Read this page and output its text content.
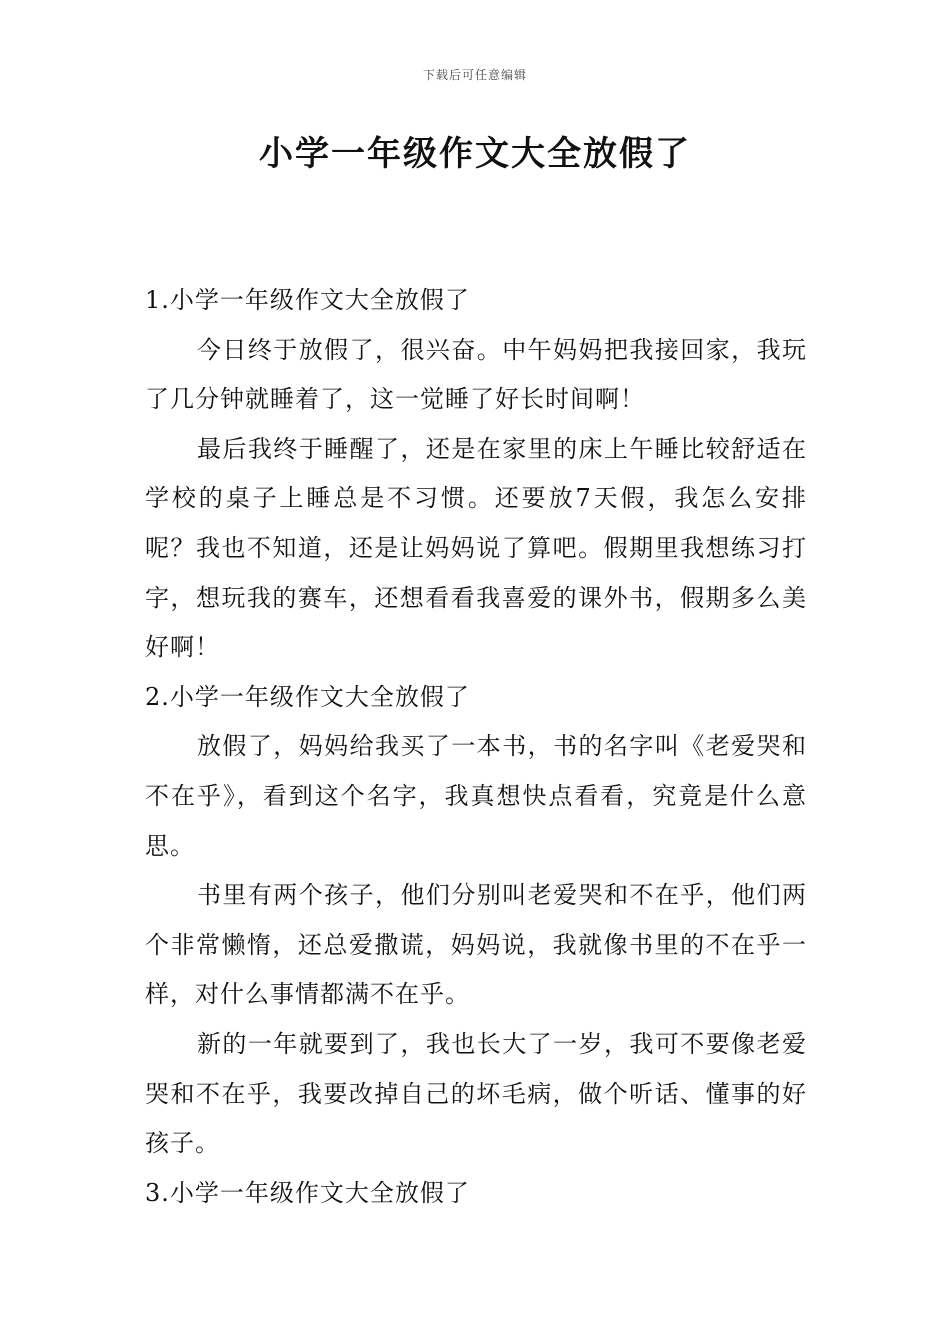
下载后可任意编辑
小学一年级作文大全放假了

1.小学一年级作文大全放假了

今日终于放假了，很兴奋。中午妈妈把我接回家，我玩了几分钟就睡着了，这一觉睡了好长时间啊！

最后我终于睡醒了，还是在家里的床上午睡比较舒适在学校的桌子上睡总是不习惯。还要放7天假，我怎么安排呢？我也不知道，还是让妈妈说了算吧。假期里我想练习打字，想玩我的赛车，还想看看我喜爱的课外书，假期多么美好啊！

2.小学一年级作文大全放假了

放假了，妈妈给我买了一本书，书的名字叫《老爱哭和不在乎》，看到这个名字，我真想快点看看，究竟是什么意思。

书里有两个孩子，他们分别叫老爱哭和不在乎，他们两个非常懒惰，还总爱撒谎，妈妈说，我就像书里的不在乎一样，对什么事情都满不在乎。

新的一年就要到了，我也长大了一岁，我可不要像老爱哭和不在乎，我要改掉自己的坏毛病，做个听话、懂事的好孩子。

3.小学一年级作文大全放假了
